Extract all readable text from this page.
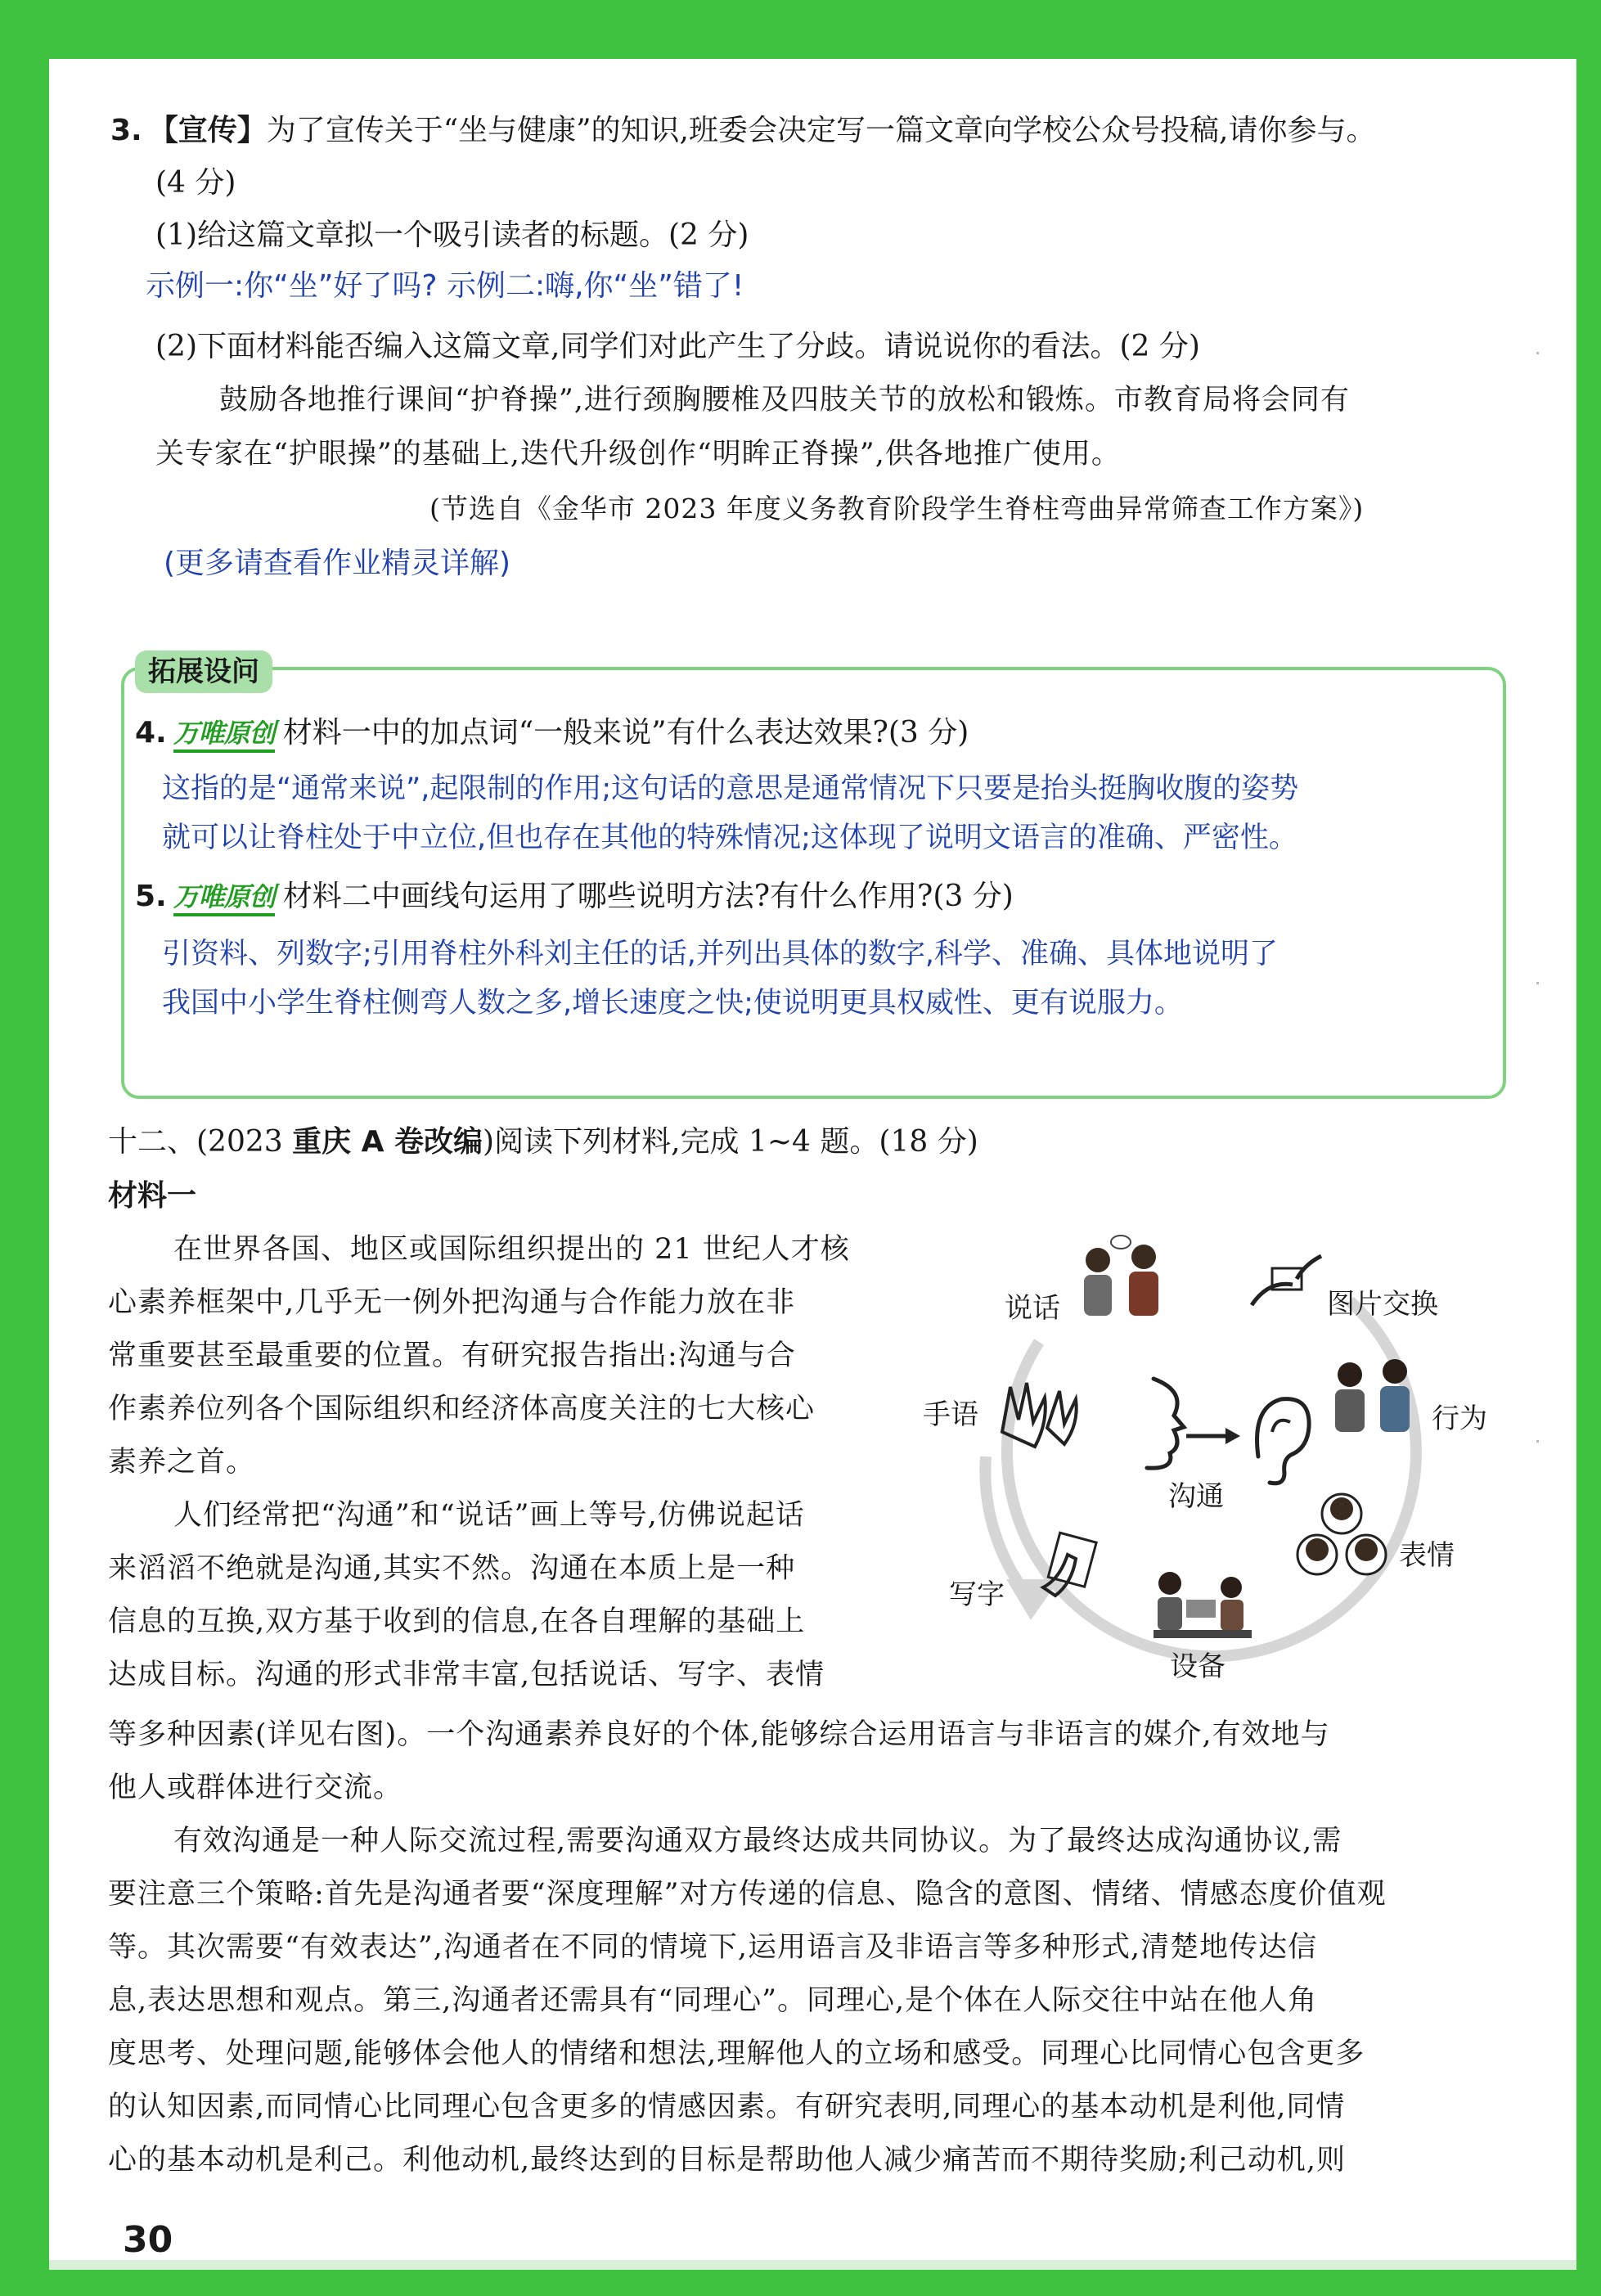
3. 【宣传】为了宣传关于“坐与健康”的知识,班委会决定写一篇文章向学校公众号投稿,请你参与。
(4 分)
(1)给这篇文章拟一个吸引读者的标题。(2 分)
示例一:你“坐”好了吗? 示例二:嗨,你“坐”错了!
(2)下面材料能否编入这篇文章,同学们对此产生了分歧。请说说你的看法。(2 分)
鼓励各地推行课间“护脊操”,进行颈胸腰椎及四肢关节的放松和锻炼。市教育局将会同有
关专家在“护眼操”的基础上,迭代升级创作“明眸正脊操”,供各地推广使用。
(节选自《金华市 2023 年度义务教育阶段学生脊柱弯曲异常筛查工作方案》)
(更多请查看作业精灵详解)
拓展设问
4. 万唯原创 材料一中的加点词“一般来说”有什么表达效果?(3 分)
这指的是“通常来说”,起限制的作用;这句话的意思是通常情况下只要是抬头挺胸收腹的姿势
就可以让脊柱处于中立位,但也存在其他的特殊情况;这体现了说明文语言的准确、严密性。
5. 万唯原创 材料二中画线句运用了哪些说明方法?有什么作用?(3 分)
引资料、列数字;引用脊柱外科刘主任的话,并列出具体的数字,科学、准确、具体地说明了
我国中小学生脊柱侧弯人数之多,增长速度之快;使说明更具权威性、更有说服力。
十二、(2023 重庆 A 卷改编)阅读下列材料,完成 1~4 题。(18 分)
材料一
在世界各国、地区或国际组织提出的 21 世纪人才核
心素养框架中,几乎无一例外把沟通与合作能力放在非
常重要甚至最重要的位置。有研究报告指出:沟通与合
作素养位列各个国际组织和经济体高度关注的七大核心
素养之首。
人们经常把“沟通”和“说话”画上等号,仿佛说起话
来滔滔不绝就是沟通,其实不然。沟通在本质上是一种
信息的互换,双方基于收到的信息,在各自理解的基础上
达成目标。沟通的形式非常丰富,包括说话、写字、表情
等多种因素(详见右图)。一个沟通素养良好的个体,能够综合运用语言与非语言的媒介,有效地与
他人或群体进行交流。
有效沟通是一种人际交流过程,需要沟通双方最终达成共同协议。为了最终达成沟通协议,需
要注意三个策略:首先是沟通者要“深度理解”对方传递的信息、隐含的意图、情绪、情感态度价值观
等。其次需要“有效表达”,沟通者在不同的情境下,运用语言及非语言等多种形式,清楚地传达信
息,表达思想和观点。第三,沟通者还需具有“同理心”。同理心,是个体在人际交往中站在他人角
度思考、处理问题,能够体会他人的情绪和想法,理解他人的立场和感受。同理心比同情心包含更多
的认知因素,而同情心比同理心包含更多的情感因素。有研究表明,同理心的基本动机是利他,同情
心的基本动机是利己。利他动机,最终达到的目标是帮助他人减少痛苦而不期待奖励;利己动机,则
沟通
说话	图片交换
手语	行为
表情
写字
设备
30
